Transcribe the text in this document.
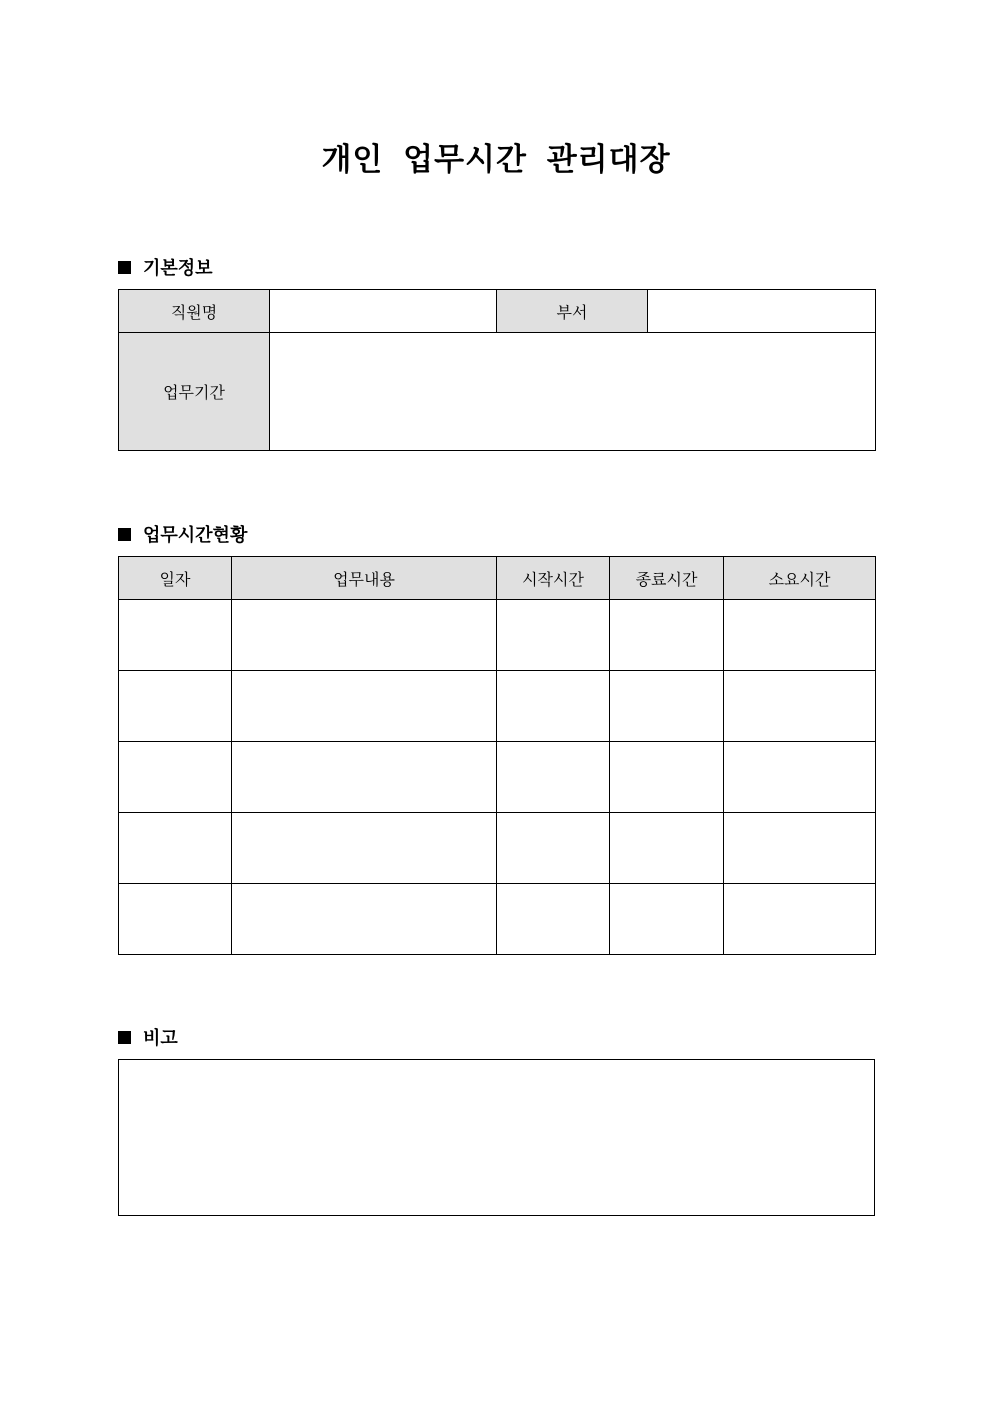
개인 업무시간 관리대장
기본정보
직원명		부서	
업무기간			
업무시간현황
일자	업무내용	시작시간	종료시간	소요시간

비고
